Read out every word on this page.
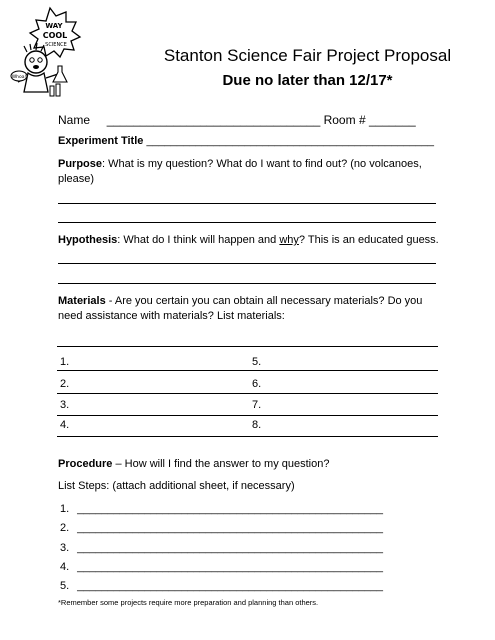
WAY
COOL
SCIENCE
Whoa!
Stanton Science Fair Project Proposal
Due no later than 12/17*
Name ________________________________ Room # _______
Experiment Title _______________________________________________
Purpose: What is my question? What do I want to find out? (no volcanoes,
please)
Hypothesis: What do I think will happen and why? This is an educated guess.
Materials - Are you certain you can obtain all necessary materials? Do you
need assistance with materials? List materials:
1.
2.
3.
4.
5.
6.
7.
8.
Procedure – How will I find the answer to my question?
List Steps: (attach additional sheet, if necessary)
1. __________________________________________________
2. __________________________________________________
3. __________________________________________________
4. __________________________________________________
5. __________________________________________________
*Remember some projects require more preparation and planning than others.
